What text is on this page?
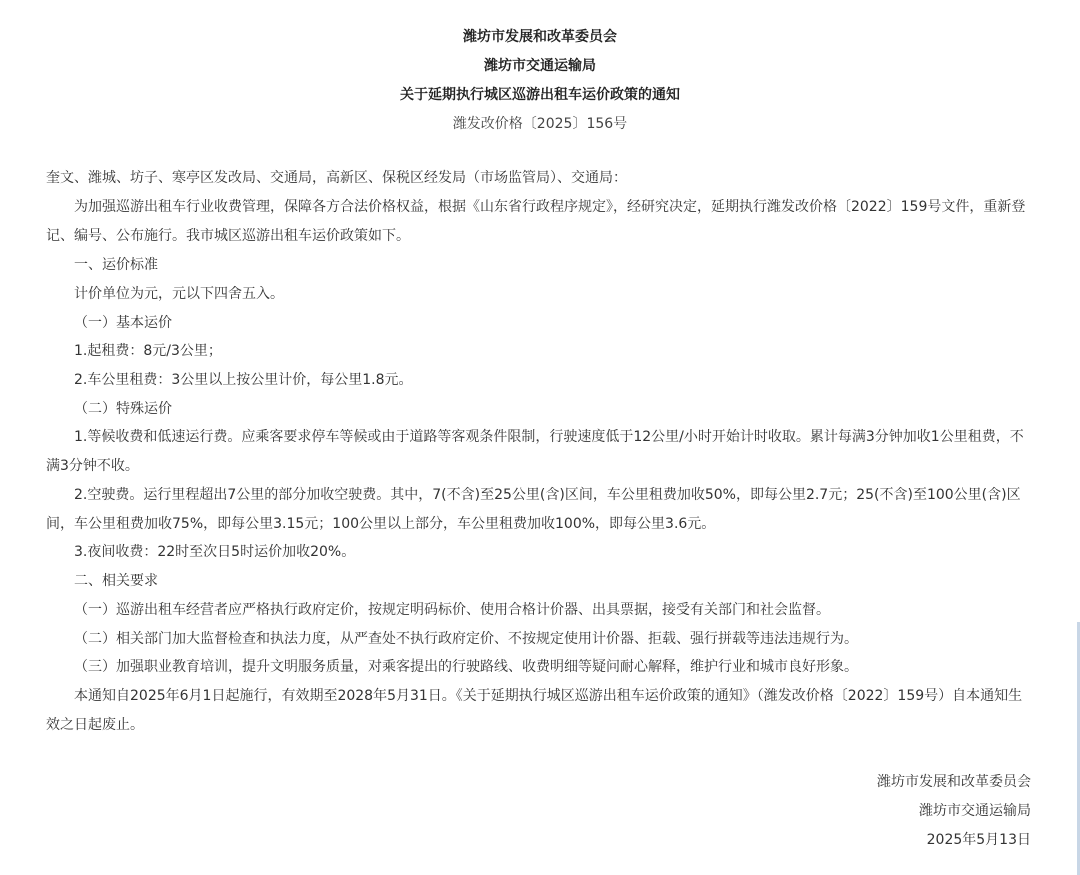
潍坊市发展和改革委员会
潍坊市交通运输局
关于延期执行城区巡游出租车运价政策的通知
潍发改价格〔2025〕156号
奎文、潍城、坊子、寒亭区发改局、交通局，高新区、保税区经发局（市场监管局）、交通局：
为加强巡游出租车行业收费管理，保障各方合法价格权益，根据《山东省行政程序规定》，经研究决定，延期执行潍发改价格〔2022〕159号文件，重新登记、编号、公布施行。我市城区巡游出租车运价政策如下。
一、运价标准
计价单位为元，元以下四舍五入。
（一）基本运价
1.起租费：8元/3公里；
2.车公里租费：3公里以上按公里计价，每公里1.8元。
（二）特殊运价
1.等候收费和低速运行费。应乘客要求停车等候或由于道路等客观条件限制，行驶速度低于12公里/小时开始计时收取。累计每满3分钟加收1公里租费，不满3分钟不收。
2.空驶费。运行里程超出7公里的部分加收空驶费。其中，7(不含)至25公里(含)区间，车公里租费加收50%，即每公里2.7元；25(不含)至100公里(含)区间，车公里租费加收75%，即每公里3.15元；100公里以上部分，车公里租费加收100%，即每公里3.6元。
3.夜间收费：22时至次日5时运价加收20%。
二、相关要求
（一）巡游出租车经营者应严格执行政府定价，按规定明码标价、使用合格计价器、出具票据，接受有关部门和社会监督。
（二）相关部门加大监督检查和执法力度，从严查处不执行政府定价、不按规定使用计价器、拒载、强行拼载等违法违规行为。
（三）加强职业教育培训，提升文明服务质量，对乘客提出的行驶路线、收费明细等疑问耐心解释，维护行业和城市良好形象。
本通知自2025年6月1日起施行，有效期至2028年5月31日。《关于延期执行城区巡游出租车运价政策的通知》（潍发改价格〔2022〕159号）自本通知生效之日起废止。
潍坊市发展和改革委员会
潍坊市交通运输局
2025年5月13日
